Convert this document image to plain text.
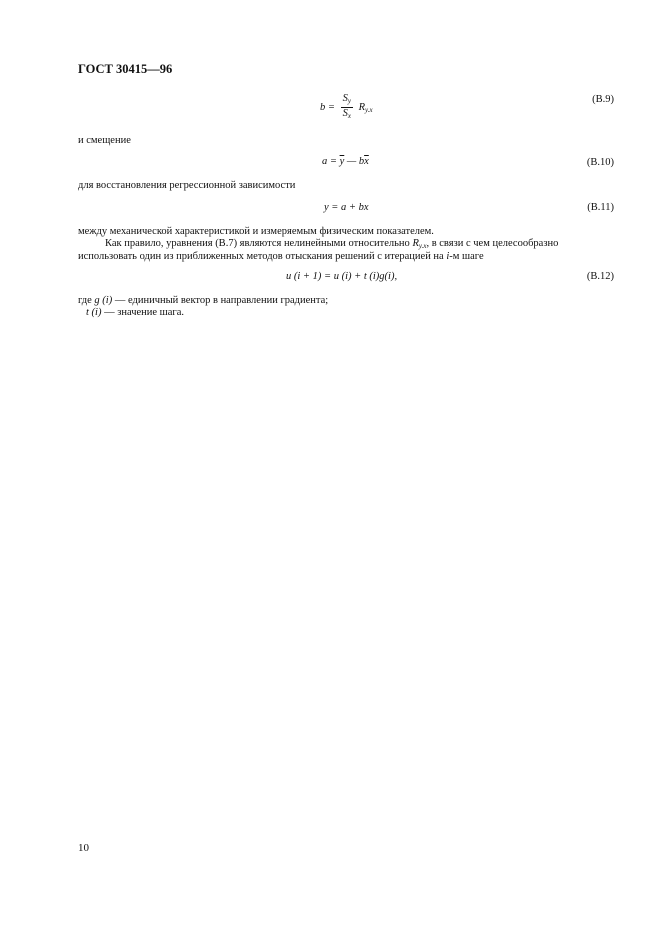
ГОСТ 30415—96
$b = \frac{S_y}{S_x} R_{y.x}$
(B.9)
и смещение
$a = \overline{y}$ — $b\overline{x}$	(B.10)
для восстановления регрессионной зависимости
y = a + bx	(B.11)
между механической характеристикой и измеряемым физическим показателем.
Как правило, уравнения (В.7) являются нелинейными относительно $R_{y.x}$, в связи с чем целесообразно
использовать один из приближенных методов отыскания решений с итерацией на i-м шаге
u (i + 1) = u (i) + t (i)g(i),	(B.12)
где g (i) — единичный вектор в направлении градиента;
t (i) — значение шага.
10
